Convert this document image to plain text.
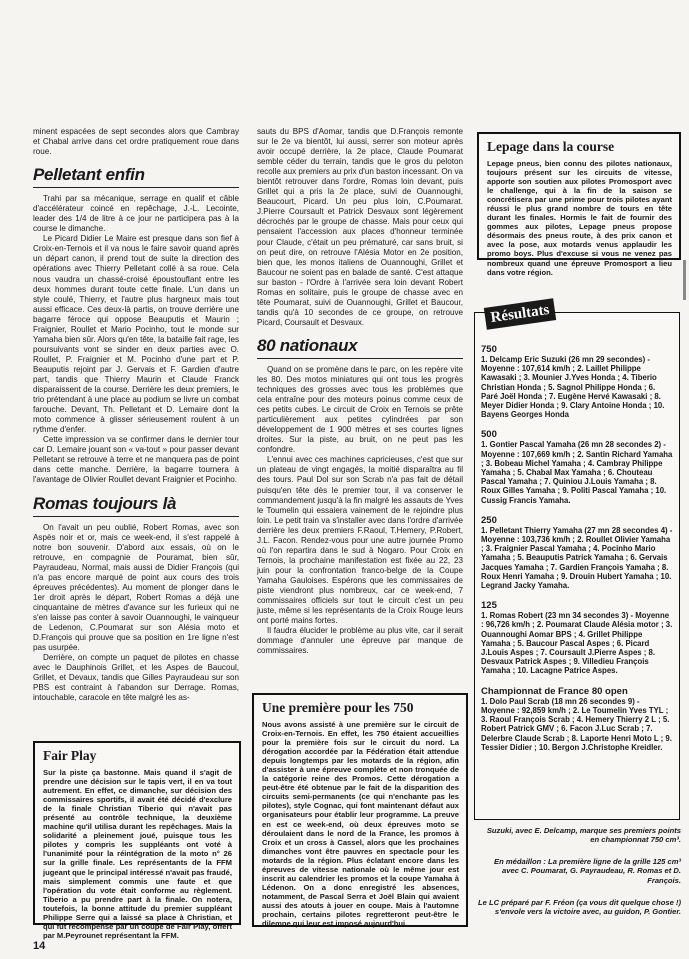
minent espacées de sept secondes alors que Cambray et Chabal arrive dans cet ordre pratiquement roue dans roue.

Pelletant enfin

Trahi par sa mécanique, serrage en qualif et câble d'accélérateur coincé en repêchage, J.-L. Lecointe, leader des 1/4 de litre à ce jour ne participera pas à la course le dimanche.

Le Picard Didier Le Maire est presque dans son fief à Croix-en-Ternois et il va nous le faire savoir quand après un départ canon, il prend tout de suite la direction des opérations avec Thierry Pelletant collé à sa roue. Cela nous vaudra un chassé-croisé époustouflant entre les deux hommes durant toute cette finale. L'un dans un style coulé, Thierry, et l'autre plus hargneux mais tout aussi efficace. Ces deux-là partis, on trouve derrière une bagarre féroce qui oppose Beauputis et Maurin ; Fraignier, Roullet et Mario Pocinho, tout le monde sur Yamaha bien sûr. Alors qu'en tête, la bataille fait rage, les poursuivants vont se sinder en deux parties avec O. Roullet, P. Fraignier et M. Pocinho d'une part et P. Beauputis rejoint par J. Gervais et F. Gardien d'autre part, tandis que Thierry Maurin et Claude Franck disparaissent de la course. Derrière les deux premiers, le trio prétendant à une place au podium se livre un combat farouche. Devant, Th. Pelletant et D. Lemaire dont la moto commence à glisser sérieusement roulent à un rythme d'enfer.

Cette impression va se confirmer dans le dernier tour car D. Lemaire jouant son « va-tout » pour passer devant Pelletant se retrouve à terre et ne manquera pas de point dans cette manche. Derrière, la bagarre tournera à l'avantage de Olivier Roullet devant Fraignier et Pocinho.

Romas toujours là

On l'avait un peu oublié, Robert Romas, avec son Aspès noir et or, mais ce week-end, il s'est rappelé à notre bon souvenir. D'abord aux essais, où on le retrouve, en compagnie de Pouramat, bien sûr, Payraudeau, Normal, mais aussi de Didier François (qui n'a pas encore marqué de point aux cours des trois épreuves précédentes). Au moment de plonger dans le 1er droit après le départ, Robert Romas a déjà une cinquantaine de mètres d'avance sur les furieux qui ne s'en laisse pas conter à savoir Ouannoughi, le vainqueur de Ledenon, C.Poumarat sur son Alésia moto et D.François qui prouve que sa position en 1re ligne n'est pas usurpée.

Derrière, on compte un paquet de pilotes en chasse avec le Dauphinois Grillet, et les Aspes de Baucoul, Grillet, et Devaux, tandis que Gilles Payraudeau sur son PBS est contraint à l'abandon sur Derrage. Romas, intouchable, caracole en tête malgré les as-

Fair Play
Sur la piste ça bastonne. Mais quand il s'agit de prendre une décision sur le tapis vert, il en va tout autrement. En effet, ce dimanche, sur décision des commissaires sportifs, il avait été décidé d'exclure de la finale Christian Tiberio qui n'avait pas présenté au contrôle technique, la deuxième machine qu'il utilisa durant les repêchages. Mais la solidarité a pleinement joué, puisque tous les pilotes y compris les suppléants ont voté à l'unanimité pour la réintégration de la moto n° 26 sur la grille finale. Les représentants de la FFM jugeant que le principal intéressé n'avait pas fraudé, mais simplement commis une faute et que l'opération du vote était conforme au règlement. Tiberio a pu prendre part à la finale. On notera, toutefois, la bonne attitude du premier suppléant Philippe Serre qui a laissé sa place à Christian, et qui fut récompensé par un coupe de Fair Play, offert par M.Peyrounet représentant la FFM.
14

sauts du BPS d'Aomar, tandis que D.François remonte sur le 2e va bientôt, lui aussi, serrer son moteur après avoir occupé derrière, la 2e place, Claude Poumarat semble céder du terrain, tandis que le gros du peloton recolle aux premiers au prix d'un baston incessant. On va bientôt retrouver dans l'ordre, Romas loin devant, puis Grillet qui a pris la 2e place, suivi de Ouannoughi, Beaucourt, Picard. Un peu plus loin, C.Poumarat. J.Pierre Coursault et Patrick Desvaux sont légèrement décrochés par le groupe de chasse. Mais pour ceux qui pensaient l'accession aux places d'honneur terminée pour Claude, c'était un peu prématuré, car sans bruit, si on peut dire, on retrouve l'Alésia Motor en 2e position, bien que, les monos italiens de Ouannoughi, Grillet et Baucour ne soient pas en balade de santé. C'est attaque sur baston - l'Ordre à l'arrivée sera loin devant Robert Romas en solitaire, puis le groupe de chasse avec en tête Poumarat, suivi de Ouannoughi, Grillet et Baucour, tandis qu'à 10 secondes de ce groupe, on retrouve Picard, Coursault et Desvaux.

80 nationaux

Quand on se promène dans le parc, on les repère vite les 80. Des motos miniatures qui ont tous les progrès techniques des grosses avec tous les problèmes que cela entraîne pour des moteurs poinus comme ceux de ces petits cubes. Le circuit de Croix en Ternois se prête particulièrement aux petites cylindrées par son développement de 1 900 mètres et ses courtes lignes droites. Sur la piste, au bruit, on ne peut pas les confondre.

L'ennui avec ces machines capricieuses, c'est que sur un plateau de vingt engagés, la moitié disparaîtra au fil des tours. Paul Dol sur son Scrab n'a pas fait de détail puisqu'en tête dès le premier tour, il va conserver le commandement jusqu'à la fin malgré les assauts de Yves le Toumelin qui essaiera vainement de le rejoindre plus loin. Le petit train va s'installer avec dans l'ordre d'arrivée derrière les deux premiers F.Raoul, T.Hemery, P.Robert, J.L. Facon. Rendez-vous pour une autre journée Promo où l'on repartira dans le sud à Nogaro. Pour Croix en Ternois, la prochaine manifestation est fixée au 22, 23 juin pour la confrontation franco-belge de la Coupe Yamaha Gauloises. Espérons que les commissaires de piste viendront plus nombreux, car ce week-end, 7 commissaires officiels sur tout le circuit c'est un peu juste, même si les représentants de la Croix Rouge leurs ont porté mains fortes.

Il faudra élucider le problème au plus vite, car il serait dommage d'annuler une épreuve par manque de commissaires.

Une première pour les 750
Nous avons assisté à une première sur le circuit de Croix-en-Ternois. En effet, les 750 étaient accueillies pour la première fois sur le circuit du nord. La dérogation accordée par la Fédération était attendue depuis longtemps par les motards de la région, afin d'assister à une épreuve complète et non tronquée de la catégorie reine des Promos. Cette dérogation a peut-être été obtenue par le fait de la disparition des circuits semi-permanents (ce qui n'enchante pas les pilotes), style Cognac, qui font maintenant défaut aux organisateurs pour établir leur programme. La preuve en est ce week-end, où deux épreuves moto se déroulaient dans le nord de la France, les promos à Croix et un cross à Cassel, alors que les prochaines dimanches vont être pauvres en spectacle pour les motards de la région. Plus éclatant encore dans les épreuves de vitesse nationale où le même jour est inscrit au calendrier les promos et la coupe Yamaha à Lédenon. On a donc enregistré les absences, notamment, de Pascal Serra et Joël Blain qui avaient aussi des atouts à jouer en coupe. Mais à l'automne prochain, certains pilotes regretteront peut-être le dilemne qui leur est imposé aujourd'hui.
Lepage dans la course
Lepage pneus, bien connu des pilotes nationaux, toujours présent sur les circuits de vitesse, apporte son soutien aux pilotes Promosport avec le challenge, qui à la fin de la saison se concrétisera par une prime pour trois pilotes ayant réussi le plus grand nombre de tours en tête durant les finales. Hormis le fait de fournir des gommes aux pilotes, Lepage pneus propose désormais des pneus route, à des prix canon et avec la pose, aux motards venus applaudir les promo boys. Plus d'excuse si vous ne venez pas nombreux quand une épreuve Promosport a lieu dans votre région.
Résultats

750

1. Delcamp Eric Suzuki (26 mn 29 secondes) - Moyenne : 107,614 km/h ; 2. Laillet Philippe Kawasaki ; 3. Mounier J.Yves Honda ; 4. Tiberio Christian Honda ; 5. Sagnol Philippe Honda ; 6. Paré Joël Honda ; 7. Eugène Hervé Kawasaki ; 8. Meyer Didier Honda ; 9. Clary Antoine Honda ; 10. Bayens Georges Honda

500

1. Gontier Pascal Yamaha (26 mn 28 secondes 2) - Moyenne : 107,669 km/h ; 2. Santin Richard Yamaha ; 3. Bobeau Michel Yamaha ; 4. Cambray Philippe Yamaha ; 5. Chabal Max Yamaha ; 6. Chouteau Pascal Yamaha ; 7. Quiniou J.Louis Yamaha ; 8. Roux Gilles Yamaha ; 9. Politi Pascal Yamaha ; 10. Cussig Francis Yamaha.

250

1. Pelletant Thierry Yamaha (27 mn 28 secondes 4) - Moyenne : 103,736 km/h ; 2. Roullet Olivier Yamaha ; 3. Fraignier Pascal Yamaha ; 4. Pocinho Mario Yamaha ; 5. Beauputis Patrick Yamaha ; 6. Gervais Jacques Yamaha ; 7. Gardien François Yamaha ; 8. Roux Henri Yamaha ; 9. Drouin Hubert Yamaha ; 10. Legrand Jacky Yamaha.

125

1. Romas Robert (23 mn 34 secondes 3) - Moyenne : 96,726 km/h ; 2. Poumarat Claude Alésia motor ; 3. Ouannoughi Aomar BPS ; 4. Grillet Philippe Yamaha ; 5. Baucour Pascal Aspes ; 6. Picard J.Louis Aspes ; 7. Coursault J.Pierre Aspes ; 8. Desvaux Patrick Aspes ; 9. Villedieu François Yamaha ; 10. Lacagne Patrice Aspes.

Championnat de France 80 open

1. Dolo Paul Scrab (18 mn 26 secondes 9) - Moyenne : 92,859 km/h ; 2. Le Toumelin Yves TYL ; 3. Raoul François Scrab ; 4. Hemery Thierry 2 L ; 5. Robert Patrick GMV ; 6. Facon J.Luc Scrab ; 7. Delerbre Claude Scrab ; 8. Laporte Henri Moto L ; 9. Tessier Didier ; 10. Bergon J.Christophe Kreidler.

Suzuki, avec E. Delcamp, marque ses premiers points en championnat 750 cm³.
En médaillon : La première ligne de la grille 125 cm³ avec C. Poumarat, G. Payraudeau, R. Romas et D. François.
Le LC préparé par F. Fréon (ça vous dit quelque chose !) s'envole vers la victoire avec, au guidon, P. Gontier.
